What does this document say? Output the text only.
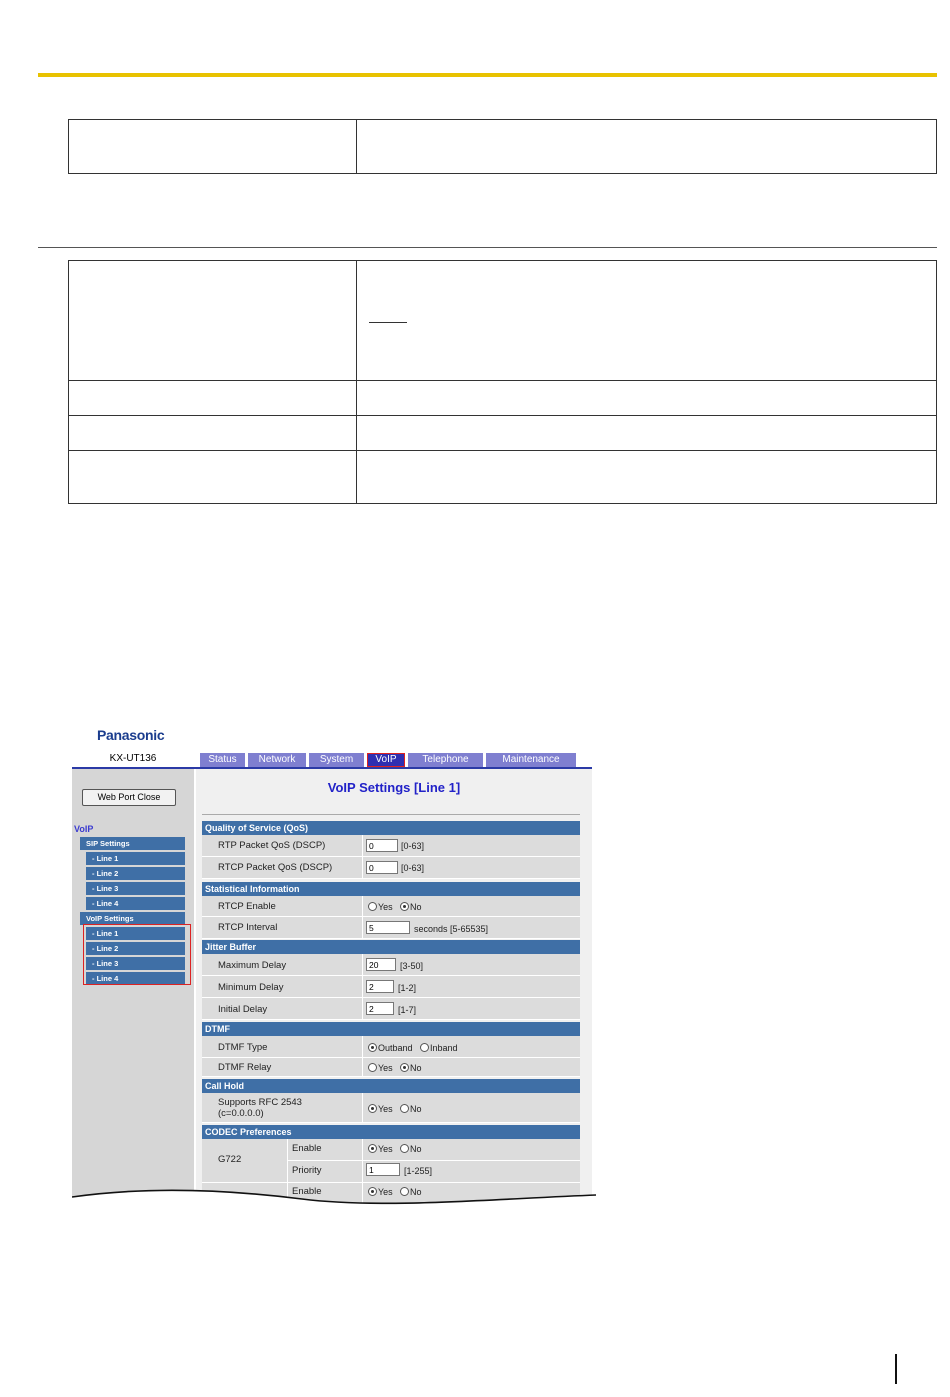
Panasonic
KX-UT136	Status	Network	System	VoIP	Telephone	Maintenance
Web Port Close
VoIP
SIP Settings
- Line 1
- Line 2
- Line 3
- Line 4
VoIP Settings
- Line 1
- Line 2
- Line 3
- Line 4
VoIP Settings [Line 1]
Quality of Service (QoS)
RTP Packet QoS (DSCP)	0	[0-63]
RTCP Packet QoS (DSCP)	0	[0-63]
Statistical Information
RTCP Enable	Yes	No
RTCP Interval	5	seconds [5-65535]
Jitter Buffer
Maximum Delay	20	[3-50]
Minimum Delay	2	[1-2]
Initial Delay	2	[1-7]
DTMF
DTMF Type	Outband	Inband
DTMF Relay	Yes	No
Call Hold
Supports RFC 2543
(c=0.0.0.0)	Yes	No
CODEC Preferences
G722
Enable	Yes	No
Priority	1	[1-255]
Enable	Yes	No
